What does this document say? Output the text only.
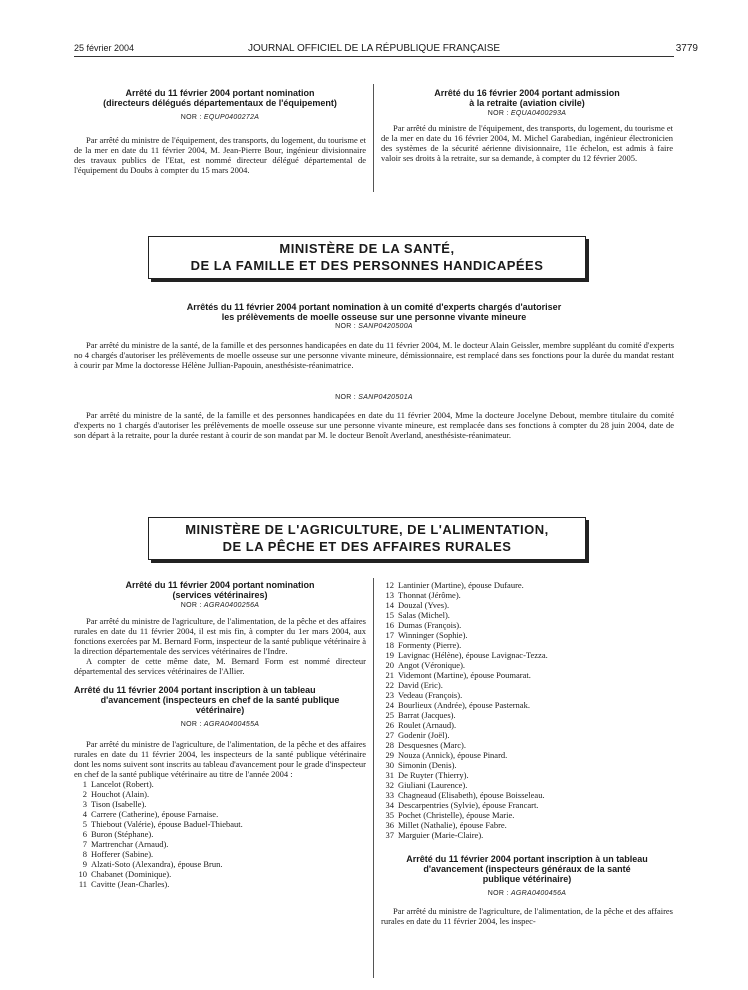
25 février 2004	JOURNAL OFFICIEL DE LA RÉPUBLIQUE FRANÇAISE	3779
Arrêté du 11 février 2004 portant nomination
(directeurs délégués départementaux de l'équipement)
NOR : EQUP0400272A
Par arrêté du ministre de l'équipement, des transports, du logement, du tourisme et de la mer en date du 11 février 2004, M. Jean-Pierre Bour, ingénieur divisionnaire des travaux publics de l'Etat, est nommé directeur délégué départemental de l'équipement du Doubs à compter du 15 mars 2004.
Arrêté du 16 février 2004 portant admission
à la retraite (aviation civile)
NOR : EQUA0400293A
Par arrêté du ministre de l'équipement, des transports, du logement, du tourisme et de la mer en date du 16 février 2004, M. Michel Garabedian, ingénieur électronicien des systèmes de la sécurité aérienne divisionnaire, 11e échelon, est admis à faire valoir ses droits à la retraite, sur sa demande, à compter du 12 février 2005.
MINISTÈRE DE LA SANTÉ,
DE LA FAMILLE ET DES PERSONNES HANDICAPÉES
Arrêtés du 11 février 2004 portant nomination à un comité d'experts chargés d'autoriser
les prélèvements de moelle osseuse sur une personne vivante mineure
NOR : SANP0420500A
Par arrêté du ministre de la santé, de la famille et des personnes handicapées en date du 11 février 2004, M. le docteur Alain Geissler, membre suppléant du comité d'experts no 4 chargés d'autoriser les prélèvements de moelle osseuse sur une personne vivante mineure, démissionnaire, est remplacé dans ses fonctions pour la durée du mandat restant à courir par Mme la doctoresse Hélène Jullian-Papouin, anesthésiste-réanimatrice.
NOR : SANP0420501A
Par arrêté du ministre de la santé, de la famille et des personnes handicapées en date du 11 février 2004, Mme la docteure Jocelyne Debout, membre titulaire du comité d'experts no 1 chargés d'autoriser les prélèvements de moelle osseuse sur une personne vivante mineure, est remplacée dans ses fonctions à compter du 28 juin 2004, date de son départ à la retraite, pour la durée restant à courir de son mandat par M. le docteur Benoît Averland, anesthésiste-réanimateur.
MINISTÈRE DE L'AGRICULTURE, DE L'ALIMENTATION,
DE LA PÊCHE ET DES AFFAIRES RURALES
Arrêté du 11 février 2004 portant nomination
(services vétérinaires)
NOR : AGRA0400256A
Par arrêté du ministre de l'agriculture, de l'alimentation, de la pêche et des affaires rurales en date du 11 février 2004, il est mis fin, à compter du 1er mars 2004, aux fonctions exercées par M. Bernard Form, inspecteur de la santé publique vétérinaire à la direction départementale des services vétérinaires de l'Indre.
A compter de cette même date, M. Bernard Form est nommé directeur départemental des services vétérinaires de l'Allier.
Arrêté du 11 février 2004 portant inscription à un tableau
d'avancement (inspecteurs en chef de la santé publique
vétérinaire)
NOR : AGRA0400455A
Par arrêté du ministre de l'agriculture, de l'alimentation, de la pêche et des affaires rurales en date du 11 février 2004, les inspecteurs de la santé publique vétérinaire dont les noms suivent sont inscrits au tableau d'avancement pour le grade d'inspecteur en chef de la santé publique vétérinaire au titre de l'année 2004 :
1 Lancelot (Robert).
2 Houchot (Alain).
3 Tison (Isabelle).
4 Carrere (Catherine), épouse Farnaise.
5 Thiebout (Valérie), épouse Baduel-Thiebaut.
6 Buron (Stéphane).
7 Martrenchar (Arnaud).
8 Hofferer (Sabine).
9 Alzati-Soto (Alexandra), épouse Brun.
10 Chabanet (Dominique).
11 Cavitte (Jean-Charles).
12 Lantinier (Martine), épouse Dufaure.
13 Thonnat (Jérôme).
14 Douzal (Yves).
15 Salas (Michel).
16 Dumas (François).
17 Winninger (Sophie).
18 Formenty (Pierre).
19 Lavignac (Hélène), épouse Lavignac-Tezza.
20 Angot (Véronique).
21 Videmont (Martine), épouse Poumarat.
22 David (Eric).
23 Vedeau (François).
24 Bourlieux (Andrée), épouse Pasternak.
25 Barrat (Jacques).
26 Roulet (Arnaud).
27 Godenir (Joël).
28 Desquesnes (Marc).
29 Nouza (Annick), épouse Pinard.
30 Simonin (Denis).
31 De Ruyter (Thierry).
32 Giuliani (Laurence).
33 Chagneaud (Elisabeth), épouse Boisseleau.
34 Descarpentries (Sylvie), épouse Francart.
35 Pochet (Christelle), épouse Marie.
36 Millet (Nathalie), épouse Fabre.
37 Marguier (Marie-Claire).
Arrêté du 11 février 2004 portant inscription à un tableau
d'avancement (inspecteurs généraux de la santé
publique vétérinaire)
NOR : AGRA0400456A
Par arrêté du ministre de l'agriculture, de l'alimentation, de la pêche et des affaires rurales en date du 11 février 2004, les inspec-
